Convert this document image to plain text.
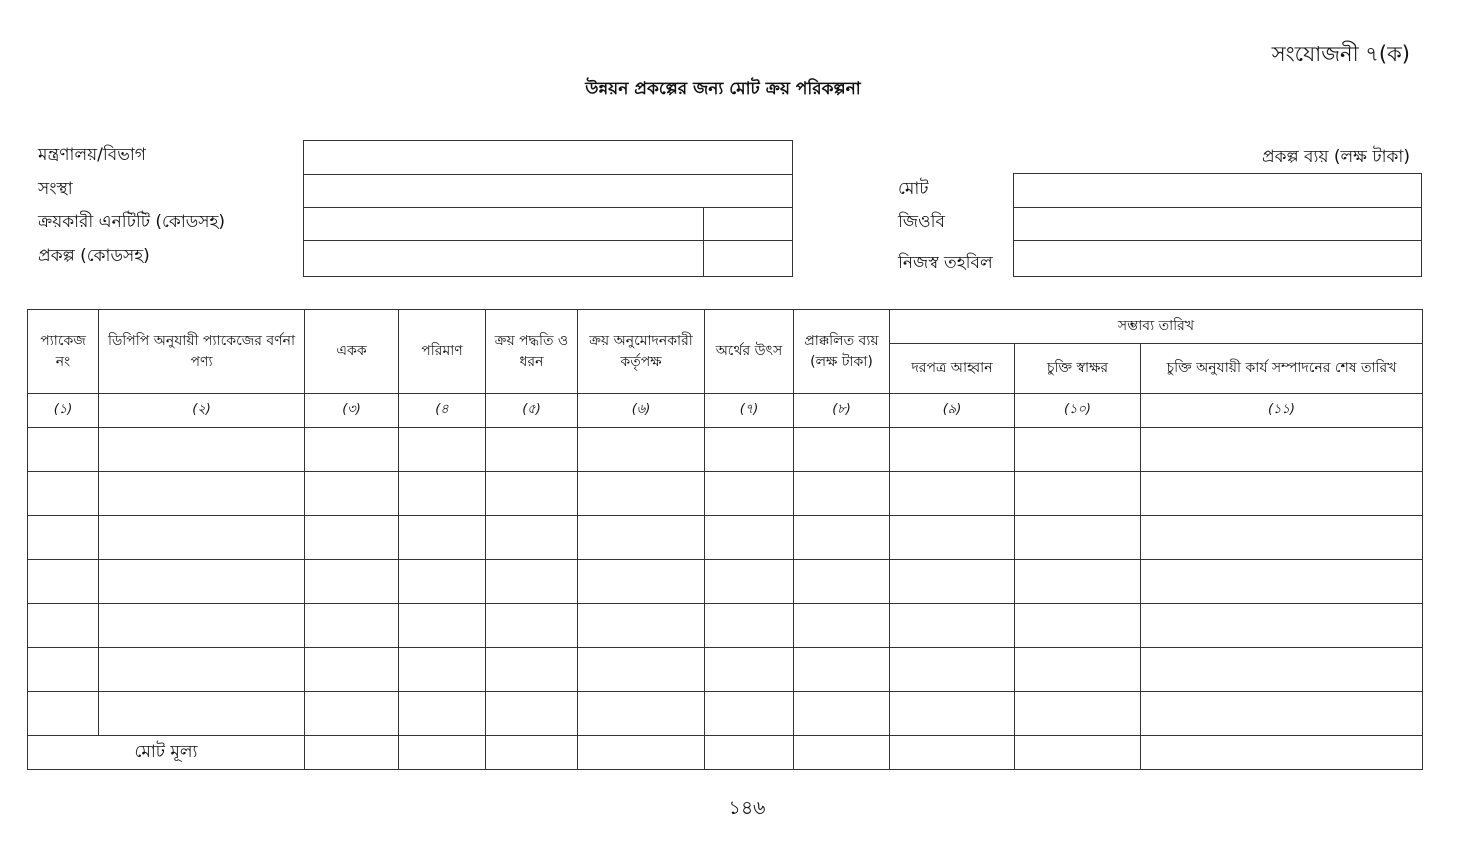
সংযোজনী ৭(ক)
উন্নয়ন প্রকল্পের জন্য মোট ক্রয় পরিকল্পনা
মন্ত্রণালয়/বিভাগ
সংস্থা
ক্রয়কারী এনটিটি (কোডসহ)
প্রকল্প (কোডসহ)
প্রকল্প ব্যয় (লক্ষ টাকা)
মোট
জিওবি
নিজস্ব তহবিল
প্যাকেজ নং	ডিপিপি অনুযায়ী প্যাকেজের বর্ণনা পণ্য	একক	পরিমাণ	ক্রয় পদ্ধতি ও ধরন	ক্রয় অনুমোদনকারী কর্তৃপক্ষ	অর্থের উৎস	প্রাক্কলিত ব্যয় (লক্ষ টাকা)	সম্ভাব্য তারিখ		
								দরপত্র আহ্বান	চুক্তি স্বাক্ষর	চুক্তি অনুযায়ী কার্য সম্পাদনের শেষ তারিখ
(১)	(২)	(৩)	(৪	(৫)	(৬)	(৭)	(৮)	(৯)	(১০)	(১১)

মোট মূল্য										
১৪৬
